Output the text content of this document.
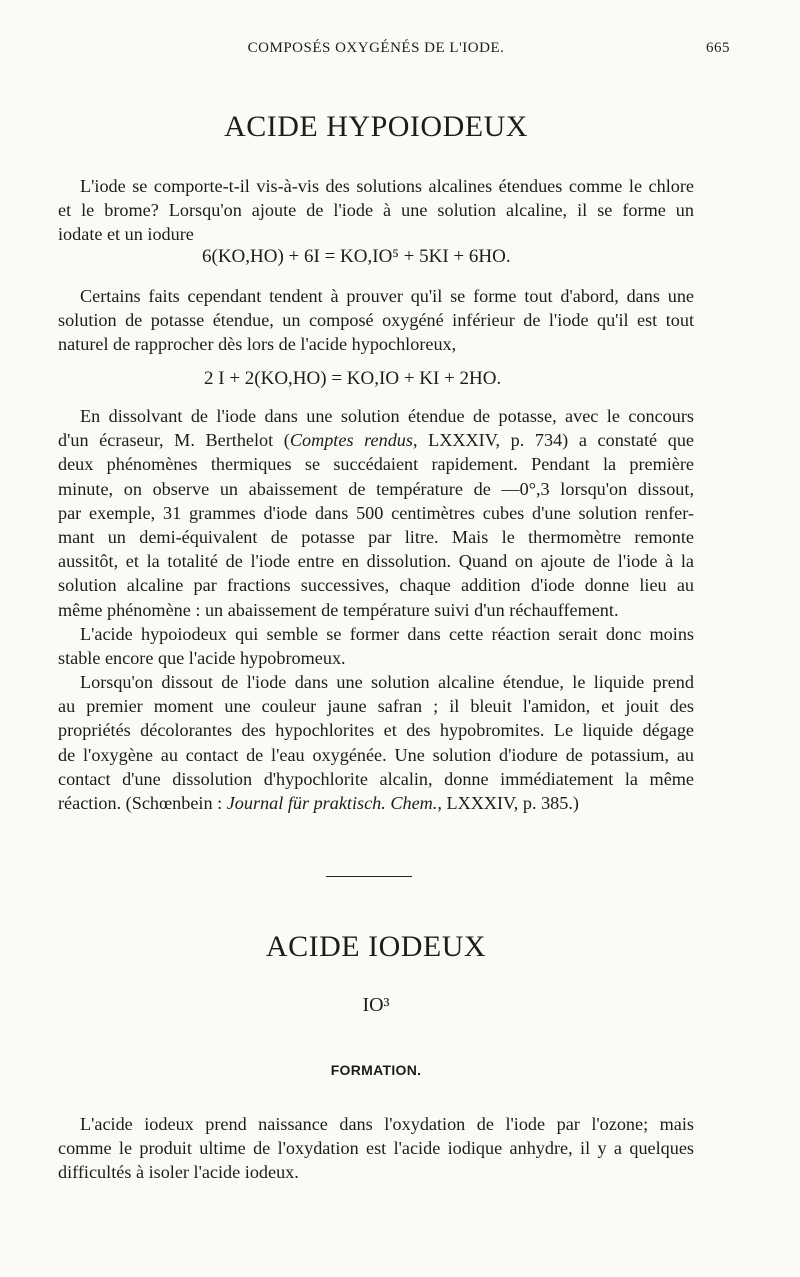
COMPOSÉS OXYGÉNÉS DE L'IODE.	665
ACIDE HYPOIODEUX
L'iode se comporte-t-il vis-à-vis des solutions alcalines étendues comme le chlore
et le brome? Lorsqu'on ajoute de l'iode à une solution alcaline, il se forme un
iodate et un iodure
6(KO,HO) + 6I = KO,IO⁵ + 5KI + 6HO.
Certains faits cependant tendent à prouver qu'il se forme tout d'abord, dans une
solution de potasse étendue, un composé oxygéné inférieur de l'iode qu'il est tout
naturel de rapprocher dès lors de l'acide hypochloreux,
2 I + 2(KO,HO) = KO,IO + KI + 2HO.
En dissolvant de l'iode dans une solution étendue de potasse, avec le concours
d'un écraseur, M. Berthelot (Comptes rendus, LXXXIV, p. 734) a constaté que
deux phénomènes thermiques se succédaient rapidement. Pendant la première
minute, on observe un abaissement de température de —0°,3 lorsqu'on dissout,
par exemple, 31 grammes d'iode dans 500 centimètres cubes d'une solution renfer-
mant un demi-équivalent de potasse par litre. Mais le thermomètre remonte
aussitôt, et la totalité de l'iode entre en dissolution. Quand on ajoute de l'iode à la
solution alcaline par fractions successives, chaque addition d'iode donne lieu au
même phénomène : un abaissement de température suivi d'un réchauffement.
L'acide hypoiodeux qui semble se former dans cette réaction serait donc moins
stable encore que l'acide hypobromeux.
Lorsqu'on dissout de l'iode dans une solution alcaline étendue, le liquide prend
au premier moment une couleur jaune safran ; il bleuit l'amidon, et jouit des
propriétés décolorantes des hypochlorites et des hypobromites. Le liquide dégage
de l'oxygène au contact de l'eau oxygénée. Une solution d'iodure de potassium, au
contact d'une dissolution d'hypochlorite alcalin, donne immédiatement la même
réaction. (Schœnbein : Journal für praktisch. Chem., LXXXIV, p. 385.)
ACIDE IODEUX
IO³
FORMATION.
L'acide iodeux prend naissance dans l'oxydation de l'iode par l'ozone; mais
comme le produit ultime de l'oxydation est l'acide iodique anhydre, il y a quelques
difficultés à isoler l'acide iodeux.
